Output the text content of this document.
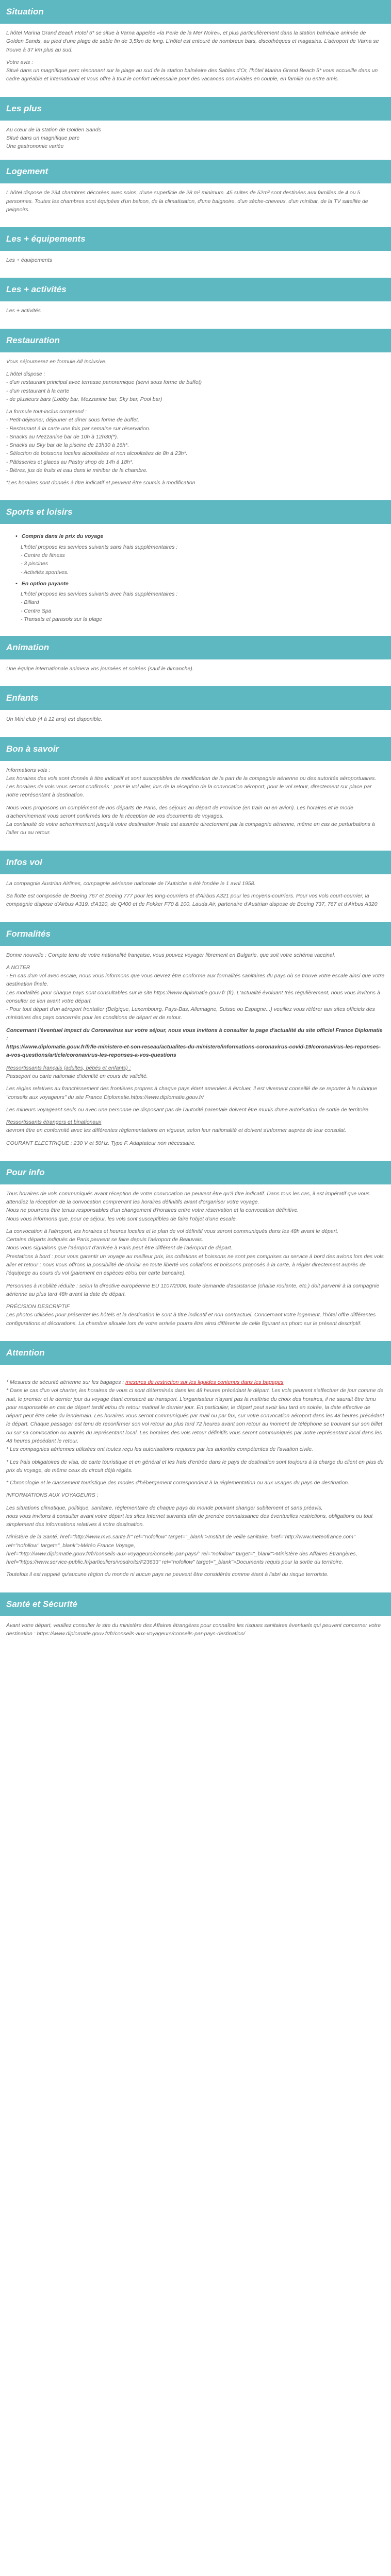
Situation

L'hôtel Marina Grand Beach Hotel 5* se situe à Varna appelée «la Perle de la Mer Noire», et plus particulièrement dans la station balnéaire animée de Golden Sands, au pied d'une plage de sable fin de 3,5km de long. L'hôtel est entouré de nombreux bars, discothèques et magasins. L'aéroport de Varna se trouve à 37 km plus au sud.

Votre avis :
Situé dans un magnifique parc résonnant sur la plage au sud de la station balnéaire des Sables d'Or, l'hôtel Marina Grand Beach 5* vous accueille dans un cadre agréable et international et vous offre à tout le confort nécessaire pour des vacances conviviales en couple, en famille ou entre amis.

Les plus

Au cœur de la station de Golden Sands

Situé dans un magnifique parc

Une gastronomie variée

Logement

L'hôtel dispose de 234 chambres décorées avec soins, d'une superficie de 28 m² minimum. 45 suites de 52m² sont destinées aux familles de 4 ou 5 personnes. Toutes les chambres sont équipées d'un balcon, de la climatisation, d'une baignoire, d'un sèche-cheveux, d'un minibar, de la TV satellite de peignoirs.

Les + équipements

Les + équipements

Les + activités

Les + activités

Restauration

Vous séjournerez en formule All Inclusive.

L'hôtel dispose :
- d'un restaurant principal avec terrasse panoramique (servi sous forme de buffet)
- d'un restaurant à la carte
- de plusieurs bars (Lobby bar, Mezzanine bar, Sky bar, Pool bar)

La formule tout-inclus comprend :
- Petit-déjeuner, déjeuner et dîner sous forme de buffet.
- Restaurant à la carte une fois par semaine sur réservation.
- Snacks au Mezzanine bar de 10h à 12h30(*).
- Snacks au Sky bar de la piscine de 13h30 à 16h*.
- Sélection de boissons locales alcoolisées et non alcoolisées de 8h à 23h*.
- Pâtisseries et glaces au Pastry shop de 14h à 18h*.
- Bières, jus de fruits et eau dans le minibar de la chambre.

*Les horaires sont donnés à titre indicatif et peuvent être soumis à modification

Sports et loisirs
• Compris dans le prix du voyage

L'hôtel propose les services suivants sans frais supplémentaires :
- Centre de fitness
- 3 piscines
- Activités sportives.

• En option payante

L'hôtel propose les services suivants avec frais supplémentaires :
- Billard
- Centre Spa
- Transats et parasols sur la plage

Animation

Une équipe internationale animera vos journées et soirées (sauf le dimanche).

Enfants

Un Mini club (4 à 12 ans) est disponible.

Bon à savoir

Informations vols :
Les horaires des vols sont donnés à titre indicatif et sont susceptibles de modification de la part de la compagnie aérienne ou des autorités aéroportuaires.
Les horaires de vols vous seront confirmés : pour le vol aller, lors de la réception de la convocation aéroport, pour le vol retour, directement sur place par notre représentant à destination.

Nous vous proposons un complément de nos départs de Paris, des séjours au départ de Province (en train ou en avion). Les horaires et le mode d'acheminement vous seront confirmés lors de la réception de vos documents de voyages.
La continuité de votre acheminement jusqu'à votre destination finale est assurée directement par la compagnie aérienne, même en cas de perturbations à l'aller ou au retour.

Infos vol

La compagnie Austrian Airlines, compagnie aérienne nationale de l'Autriche a été fondée le 1 avril 1958.

Sa flotte est composée de Boeing 767 et Boeing 777 pour les long-courriers et d'Airbus A321 pour les moyens-courriers. Pour vos vols court-courrier, la compagnie dispose d'Airbus A319, d'A320, de Q400 et de Fokker F70 & 100. Lauda Air, partenaire d'Austrian dispose de Boeing 737, 767 et d'Airbus A320

Formalités

Bonne nouvelle : Compte tenu de votre nationalité française, vous pouvez voyager librement en Bulgarie, que soit votre schéma vaccinal.

A NOTER
- En cas d'un vol avec escale, nous vous informons que vous devrez être conforme aux formalités sanitaires du pays où se trouve votre escale ainsi que votre destination finale.
Les modalités pour chaque pays sont consultables sur le site https://www.diplomatie.gouv.fr (fr). L'actualité évoluant très régulièrement, nous vous invitons à consulter ce lien avant votre départ.
- Pour tout départ d'un aéroport frontalier (Belgique, Luxembourg, Pays-Bas, Allemagne, Suisse ou Espagne...) veuillez vous référer aux sites officiels des ministères des pays concernés pour les conditions de départ et de retour.

Concernant l'éventuel impact du Coronavirus sur votre séjour, nous vous invitons à consulter la page d'actualité du site officiel France Diplomatie :
https://www.diplomatie.gouv.fr/fr/le-ministere-et-son-reseau/actualites-du-ministere/informations-coronavirus-covid-19/coronavirus-les-reponses-a-vos-questions/article/coronavirus-les-reponses-a-vos-questions

Ressortissants français (adultes, bébés et enfants) :

Passeport ou carte nationale d'identité en cours de validité.

Les règles relatives au franchissement des frontières propres à chaque pays étant amenées à évoluer, il est vivement conseillé de se reporter à la rubrique "conseils aux voyageurs" du site France Diplomatie.https://www.diplomatie.gouv.fr/

Les mineurs voyageant seuls ou avec une personne ne disposant pas de l'autorité parentale doivent être munis d'une autorisation de sortie de territoire.

Ressortissants étrangers et binationaux

devront être en conformité avec les différentes réglementations en vigueur, selon leur nationalité et doivent s'informer auprès de leur consulat.

COURANT ELECTRIQUE : 230 V et 50Hz. Type F. Adaptateur non nécessaire.

Pour info

Tous horaires de vols communiqués avant réception de votre convocation ne peuvent être qu'à titre indicatif. Dans tous les cas, il est impératif que vous attendiez la réception de la convocation comprenant les horaires définitifs avant d'organiser votre voyage.
Nous ne pourrons être tenus responsables d'un changement d'horaires entre votre réservation et la convocation définitive.
Nous vous informons que, pour ce séjour, les vols sont susceptibles de faire l'objet d'une escale.

La convocation à l'aéroport, les horaires et heures locales et le plan de vol définitif vous seront communiqués dans les 48h avant le départ.
Certains départs indiqués de Paris peuvent se faire depuis l'aéroport de Beauvais.
Nous vous signalons que l'aéroport d'arrivée à Paris peut être différent de l'aéroport de départ.
Prestations à bord : pour vous garantir un voyage au meilleur prix, les collations et boissons ne sont pas comprises ou service à bord des avions lors des vols aller et retour ; nous vous offrons la possibilité de choisir en toute liberté vos collations et boissons proposés à la carte, à régler directement auprès de l'équipage au cours du vol (paiement en espèces et/ou par carte bancaire).

Personnes à mobilité réduite : selon la directive européenne EU 1107/2006, toute demande d'assistance (chaise roulante, etc.) doit parvenir à la compagnie aérienne au plus tard 48h avant la date de départ.

PRÉCISION DESCRIPTIF
Les photos utilisées pour présenter les hôtels et la destination le sont à titre indicatif et non contractuel. Concernant votre logement, l'hôtel offre différentes configurations et décorations. La chambre allouée lors de votre arrivée pourra être ainsi différente de celle figurant en photo sur le présent descriptif.

Attention

* Mesures de sécurité aérienne sur les bagages : mesures de restriction sur les liquides contenus dans les bagages

* Dans le cas d'un vol charter, les horaires de vous ci sont déterminés dans les 48 heures précédant le départ. Les vols peuvent s'effectuer de jour comme de nuit, le premier et le dernier jour du voyage étant consacré au transport. L'organisateur n'ayant pas la maîtrise du choix des horaires, il ne saurait être tenu pour responsable en cas de départ tardif et/ou de retour matinal le dernier jour. En particulier, le départ peut avoir lieu tard en soirée, la date effective de départ peut être celle du lendemain. Les horaires vous seront communiqués par mail ou par fax, sur votre convocation aéroport dans les 48 heures précédant le départ. Chaque passager est tenu de reconfirmer son vol retour au plus tard 72 heures avant son retour au moment de téléphone se trouvant sur son billet ou sur sa convocation ou auprès du représentant local. Les horaires des vols retour définitifs vous seront communiqués par notre représentant local dans les 48 heures précédant le retour.
* Les compagnies aériennes utilisées ont toutes reçu les autorisations requises par les autorités compétentes de l'aviation civile.

* Les frais obligatoires de visa, de carte touristique et en général et les frais d'entrée dans le pays de destination sont toujours à la charge du client en plus du prix du voyage, de même ceux du circuit déjà réglés.

* Chronologie et le classement touristique des modes d'hébergement correspondent à la réglementation ou aux usages du pays de destination.

INFORMATIONS AUX VOYAGEURS :

Les situations climatique, politique, sanitaire, réglementaire de chaque pays du monde pouvant changer subitement et sans préavis,
nous vous invitons à consulter avant votre départ les sites Internet suivants afin de prendre connaissance des éventuelles restrictions, obligations ou tout simplement des informations relatives à votre destination.

Ministère de la Santé: href="http://www.mvs.sante.fr" rel="nofollow" target="_blank">Institut de veille sanitaire, href="http://www.meteofrance.com" rel="nofollow" target="_blank">Météo France Voyage,
href="http://www.diplomatie.gouv.fr/fr/conseils-aux-voyageurs/conseils-par-pays/" rel="nofollow" target="_blank">Ministère des Affaires Étrangères, href="https://www.service-public.fr/particuliers/vosdroits/F23633" rel="nofollow" target="_blank">Documents requis pour la sortie du territoire.

Toutefois il est rappelé qu'aucune région du monde ni aucun pays ne peuvent être considérés comme étant à l'abri du risque terroriste.

Santé et Sécurité

Avant votre départ, veuillez consulter le site du ministère des Affaires étrangères pour connaître les risques sanitaires éventuels qui peuvent concerner votre destination : https://www.diplomatie.gouv.fr/fr/conseils-aux-voyageurs/conseils-par-pays-destination/
